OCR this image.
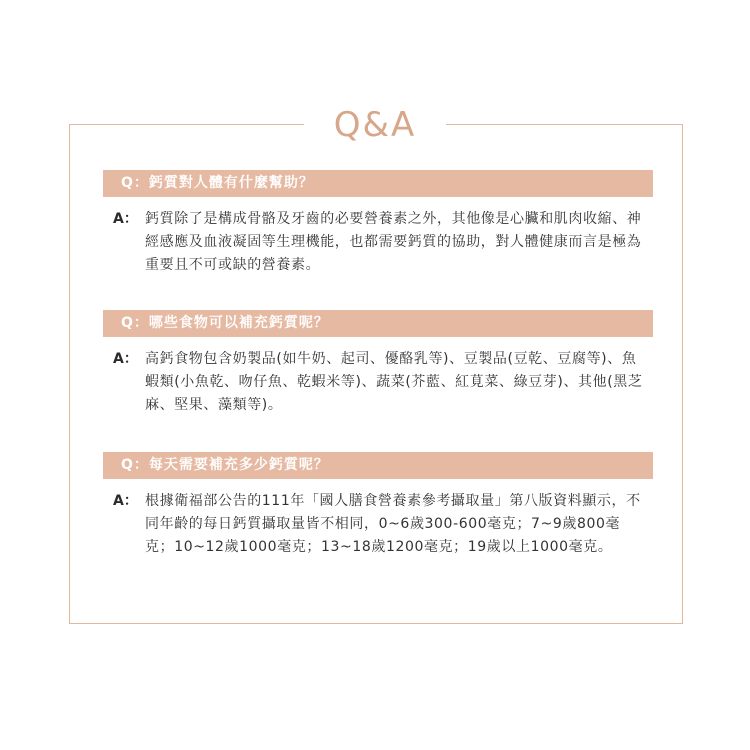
Q&A
Q：鈣質對人體有什麼幫助？
A： 鈣質除了是構成骨骼及牙齒的必要營養素之外，其他像是心臟和肌肉收縮、神經感應及血液凝固等生理機能，也都需要鈣質的協助，對人體健康而言是極為重要且不可或缺的營養素。
Q：哪些食物可以補充鈣質呢？
A： 高鈣食物包含奶製品(如牛奶、起司、優酪乳等)、豆製品(豆乾、豆腐等)、魚蝦類(小魚乾、吻仔魚、乾蝦米等)、蔬菜(芥藍、紅莧菜、綠豆芽)、其他(黑芝麻、堅果、藻類等)。
Q：每天需要補充多少鈣質呢？
A： 根據衛福部公告的111年「國人膳食營養素參考攝取量」第八版資料顯示，不同年齡的每日鈣質攝取量皆不相同，0~6歲300-600毫克；7~9歲800毫克；10~12歲1000毫克；13~18歲1200毫克；19歲以上1000毫克。
